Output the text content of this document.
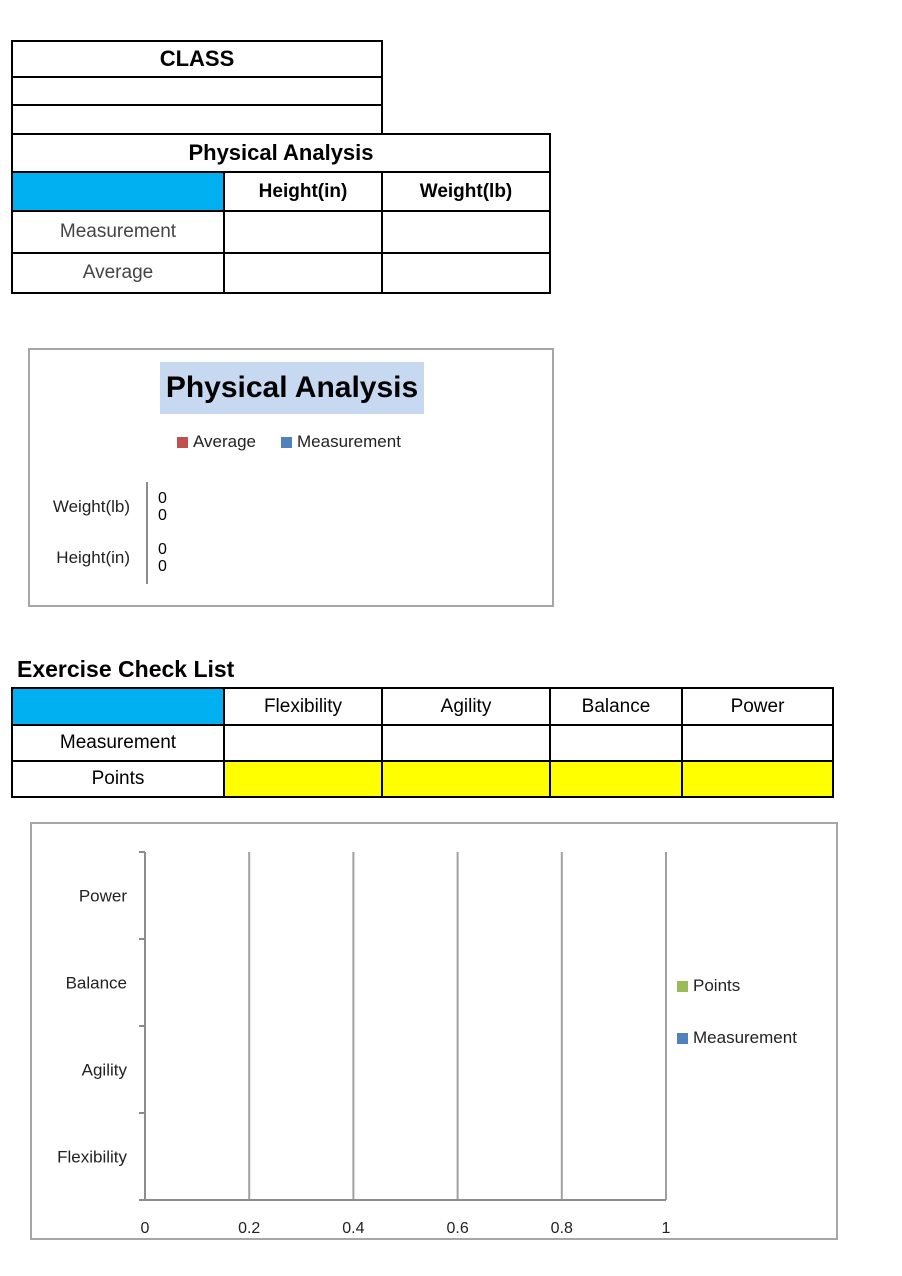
CLASS
Physical Analysis
Height(in)	Weight(lb)
Measurement
Average
Physical Analysis
Average Measurement
Weight(lb)
Height(in)
0
0
0
0
Exercise Check List
Flexibility	Agility	Balance	Power
Measurement
Points
0	0.2	0.4	0.6	0.8	1
Flexibility
Agility
Balance
Power
Points
Measurement
